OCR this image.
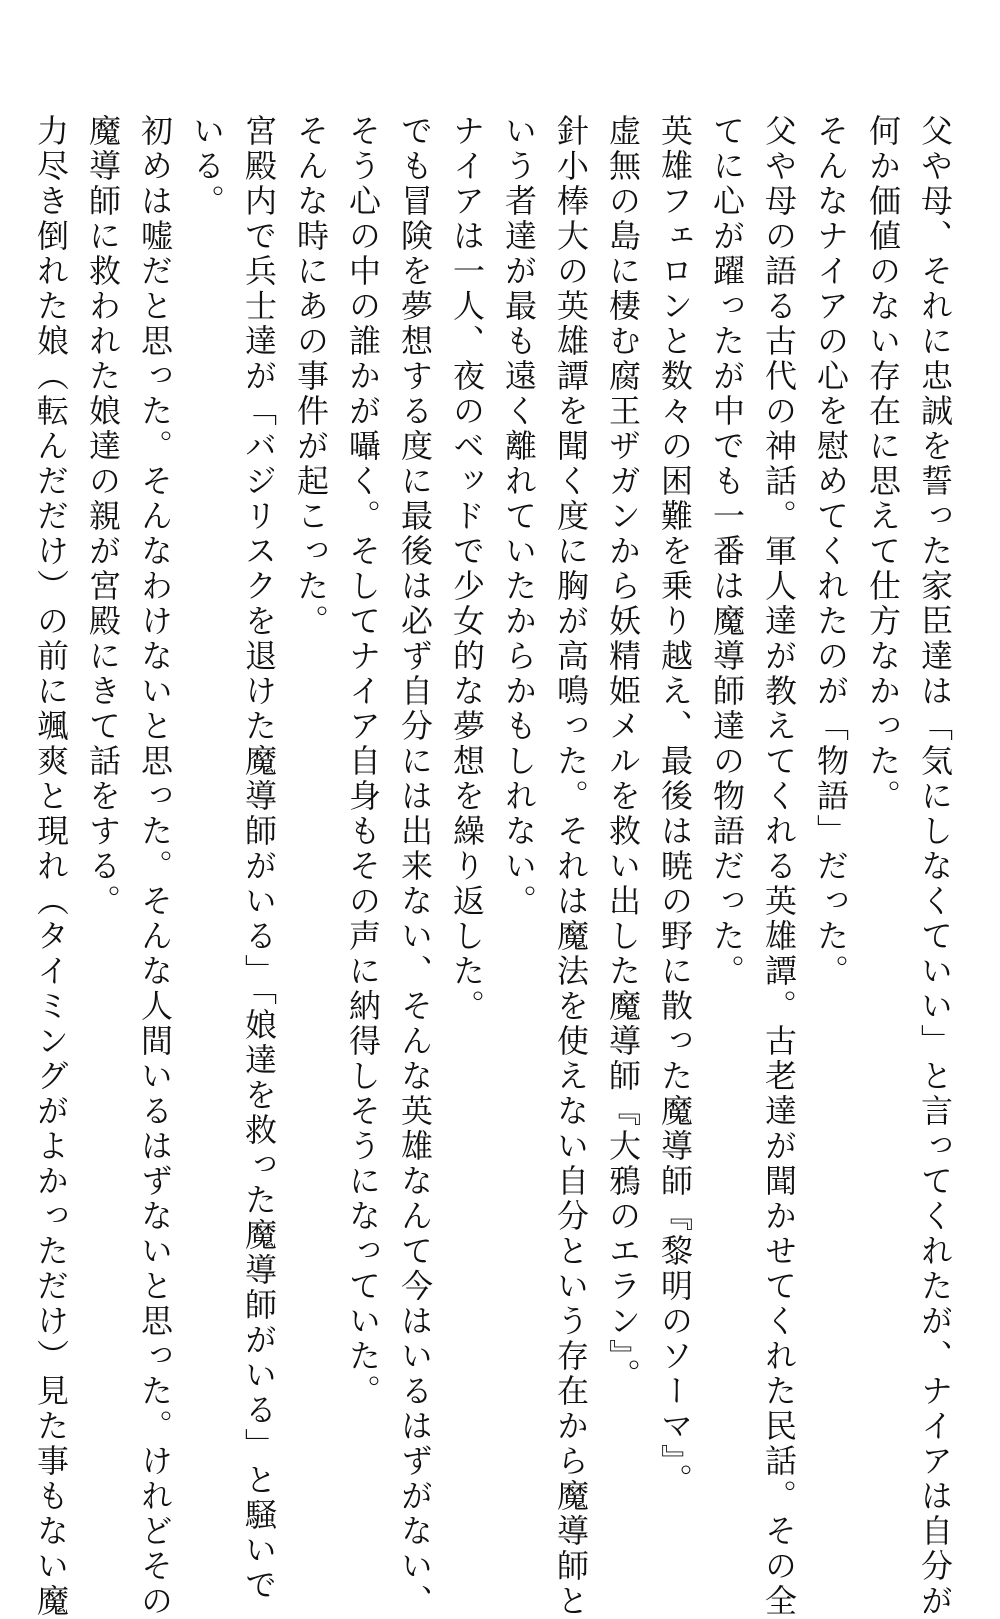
父や母、それに忠誠を誓った家臣達は「気にしなくていい」と言ってくれたが、ナイアは自分が
何か価値のない存在に思えて仕方なかった。
そんなナイアの心を慰めてくれたのが「物語」だった。
父や母の語る古代の神話。軍人達が教えてくれる英雄譚。古老達が聞かせてくれた民話。その全
てに心が躍ったが中でも一番は魔導師達の物語だった。
英雄フェロンと数々の困難を乗り越え、最後は暁の野に散った魔導師『黎明のソーマ』。
虚無の島に棲む腐王ザガンから妖精姫メルを救い出した魔導師『大鴉のエラン』。
針小棒大の英雄譚を聞く度に胸が高鳴った。それは魔法を使えない自分という存在から魔導師と
いう者達が最も遠く離れていたからかもしれない。
ナイアは一人、夜のベッドで少女的な夢想を繰り返した。
でも冒険を夢想する度に最後は必ず自分には出来ない、そんな英雄なんて今はいるはずがない、
そう心の中の誰かが囁く。そしてナイア自身もその声に納得しそうになっていた。
そんな時にあの事件が起こった。
宮殿内で兵士達が「バジリスクを退けた魔導師がいる」「娘達を救った魔導師がいる」と騒いで
いる。
初めは嘘だと思った。そんなわけないと思った。そんな人間いるはずないと思った。けれどその
魔導師に救われた娘達の親が宮殿にきて話をする。
力尽き倒れた娘（転んだだけ）の前に颯爽と現れ（タイミングがよかっただけ）見た事もない魔
